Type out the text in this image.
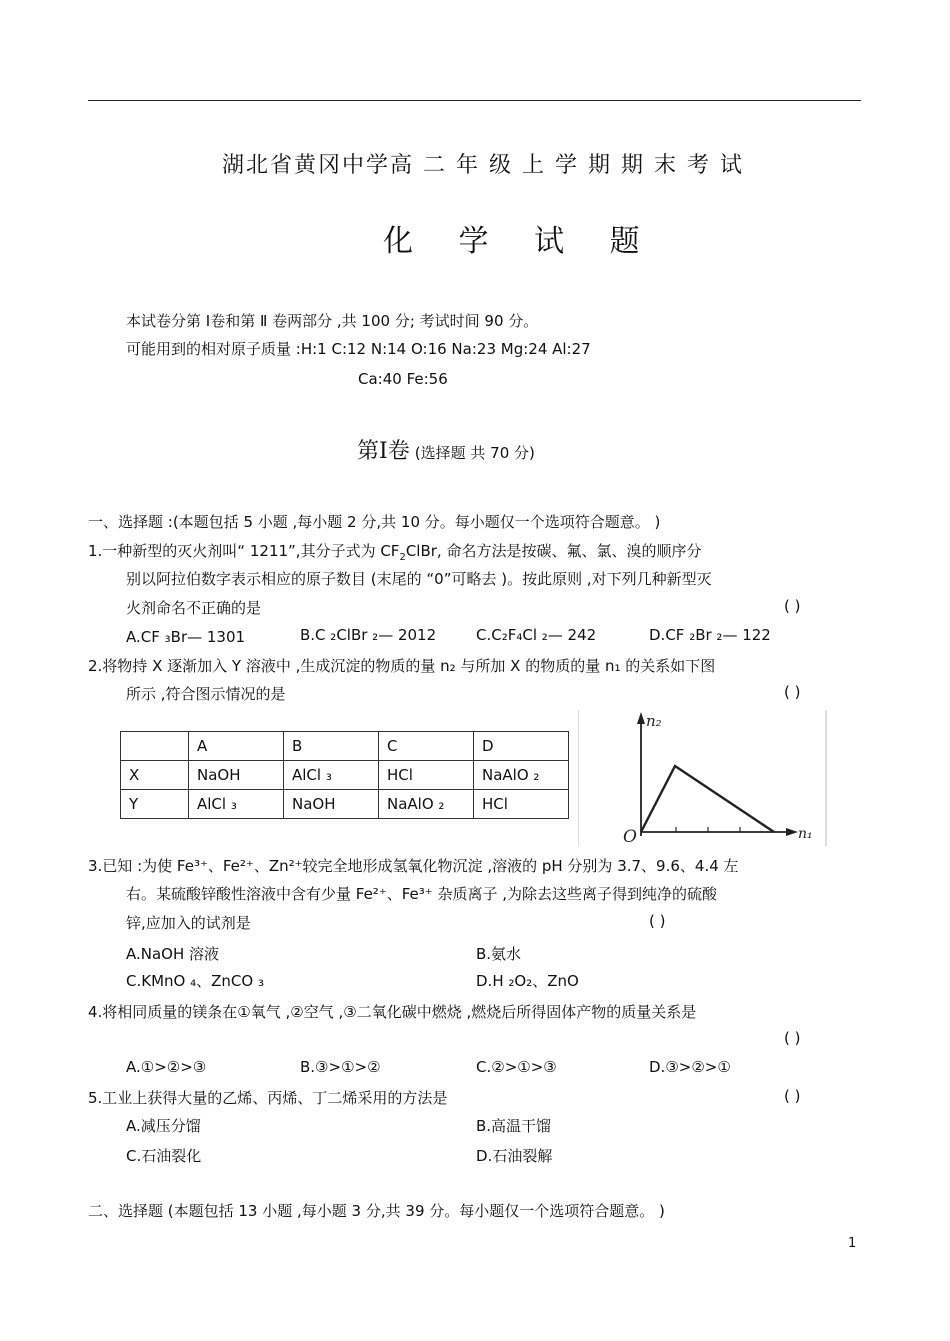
湖北省黄冈中学高 二 年 级 上 学 期 期 末 考 试
化 学 试 题
本试卷分第 Ⅰ卷和第 Ⅱ 卷两部分 ,共 100 分; 考试时间 90 分。
可能用到的相对原子质量 :H:1 C:12 N:14 O:16 Na:23 Mg:24 Al:27
Ca:40 Fe:56
第Ⅰ卷 (选择题 共 70 分)
一、选择题 :(本题包括 5 小题 ,每小题 2 分,共 10 分。每小题仅一个选项符合题意。 )
1.一种新型的灭火剂叫“ 1211”,其分子式为 $CF_2ClBr$, 命名方法是按碳、氟、氯、溴的顺序分
别以阿拉伯数字表示相应的原子数目 (末尾的 “0”可略去 )。按此原则 ,对下列几种新型灭
火剂命名不正确的是	( )
A.CF ₃Br— 1301	B.C ₂ClBr ₂— 2012	C.C₂F₄Cl ₂— 242	D.CF ₂Br ₂— 122
2.将物持 X 逐渐加入 Y 溶液中 ,生成沉淀的物质的量 n₂ 与所加 X 的物质的量 n₁ 的关系如下图
所示 ,符合图示情况的是	( )
	A	B	C	D
X	NaOH	AlCl ₃	HCl	NaAlO ₂
Y	AlCl ₃	NaOH	NaAlO ₂	HCl
n₂
n₁
O
3.已知 :为使 Fe³⁺、Fe²⁺、Zn²⁺较完全地形成氢氧化物沉淀 ,溶液的 pH 分别为 3.7、9.6、4.4 左
右。某硫酸锌酸性溶液中含有少量 Fe²⁺、Fe³⁺ 杂质离子 ,为除去这些离子得到纯净的硫酸
锌,应加入的试剂是	( )
A.NaOH 溶液	B.氨水
C.KMnO ₄、ZnCO ₃	D.H ₂O₂、ZnO
4.将相同质量的镁条在①氧气 ,②空气 ,③二氧化碳中燃烧 ,燃烧后所得固体产物的质量关系是
( )
A.①>②>③	B.③>①>②	C.②>①>③	D.③>②>①
5.工业上获得大量的乙烯、丙烯、丁二烯采用的方法是	( )
A.减压分馏	B.高温干馏
C.石油裂化	D.石油裂解
二、选择题 (本题包括 13 小题 ,每小题 3 分,共 39 分。每小题仅一个选项符合题意。 )
1
